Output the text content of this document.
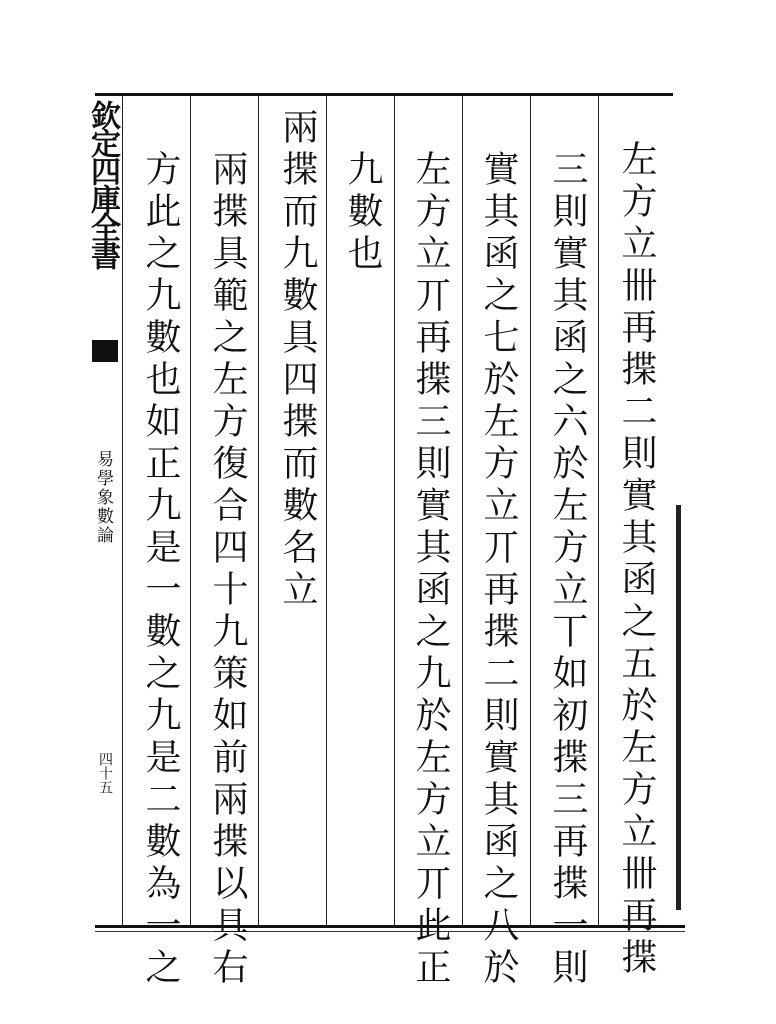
欽定四庫全書
易學象數論
四十五	左方立卌再揲二則實其函之五於左方立卌再揲
三則實其函之六於左方立丅如初揲三再揲一則
實其函之七於左方立丌再揲二則實其函之八於
左方立丌再揲三則實其函之九於左方立丌此正
九數也
兩揲而九數具四揲而數名立
兩揲具範之左方復合四十九策如前兩揲以具右
方此之九數也如正九是一數之九是二數為一之
